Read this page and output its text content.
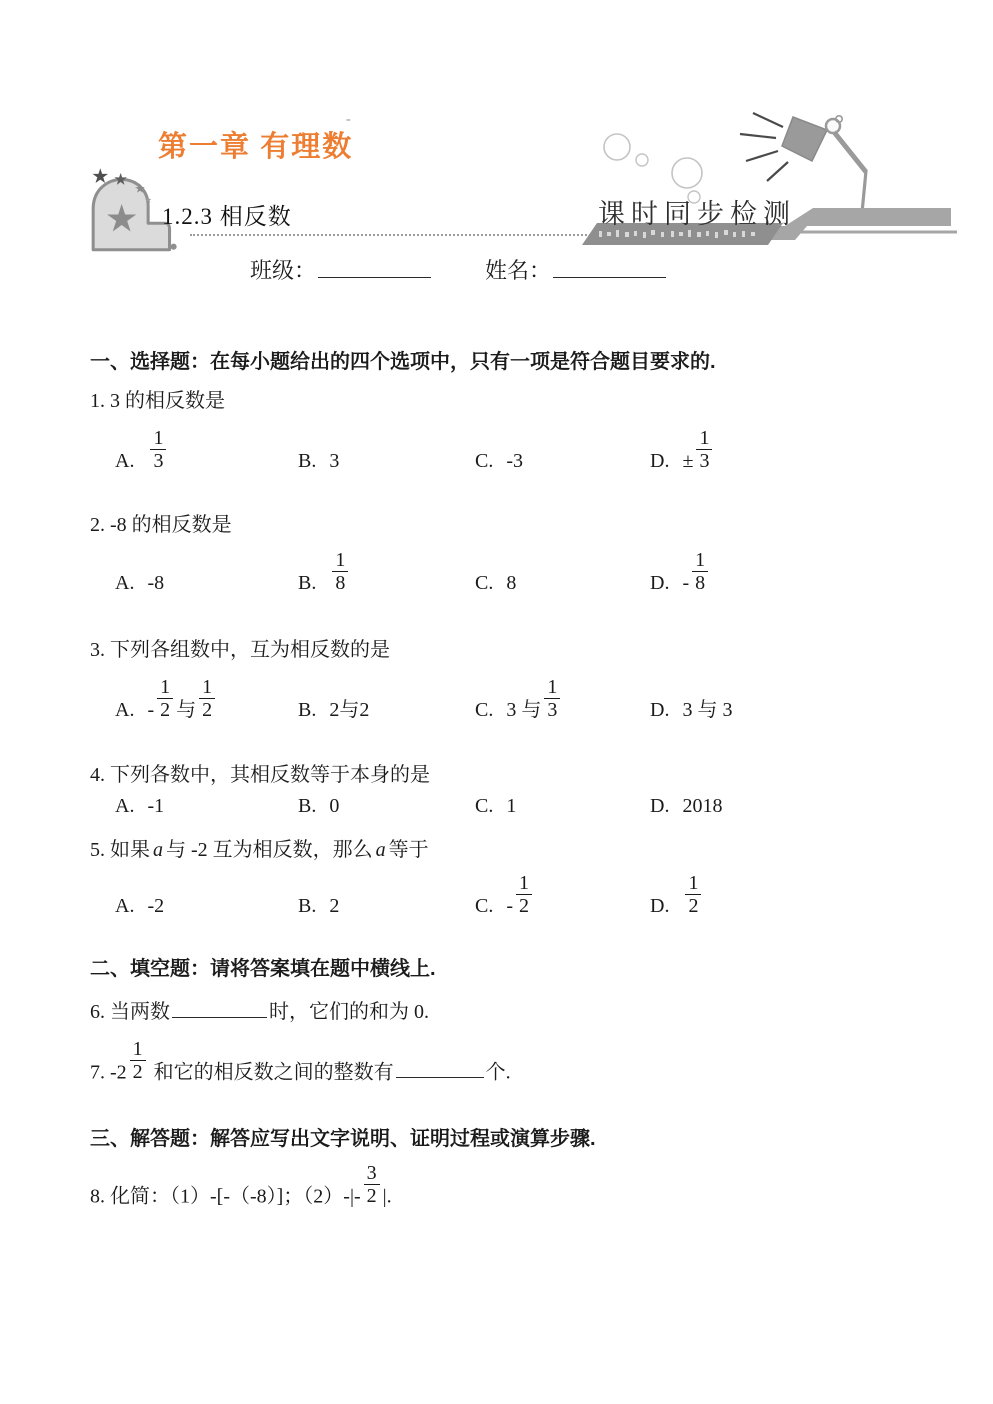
第一章 有理数
-
1.2.3 相反数	课时同步检测
班级：	姓名：
一、选择题：在每小题给出的四个选项中，只有一项是符合题目要求的.
1. 3 的相反数是
A. $\frac{1}{3}$	B. 3	C. -3	D. ± $\frac{1}{3}$
2. -8 的相反数是
A. -8	B. $\frac{1}{8}$	C. 8	D. - $\frac{1}{8}$
3. 下列各组数中，互为相反数的是
A. - $\frac{1}{2}$ 与 $\frac{1}{2}$	B. 2与2	C. 3 与 $\frac{1}{3}$	D. 3 与 3
4. 下列各数中，其相反数等于本身的是
A. -1	B. 0	C. 1	D. 2018
5. 如果 a 与 -2 互为相反数，那么 a 等于
A. -2	B. 2	C. - $\frac{1}{2}$	D. $\frac{1}{2}$
二、填空题：请将答案填在题中横线上.
6. 当两数	时，它们的和为 0.
7. $-2 \frac{1}{2}$ 和它的相反数之间的整数有	个.
三、解答题：解答应写出文字说明、证明过程或演算步骤.
8. 化简：（1）-[-（-8）]；$(2)-|- \frac{3}{2}$ |.
